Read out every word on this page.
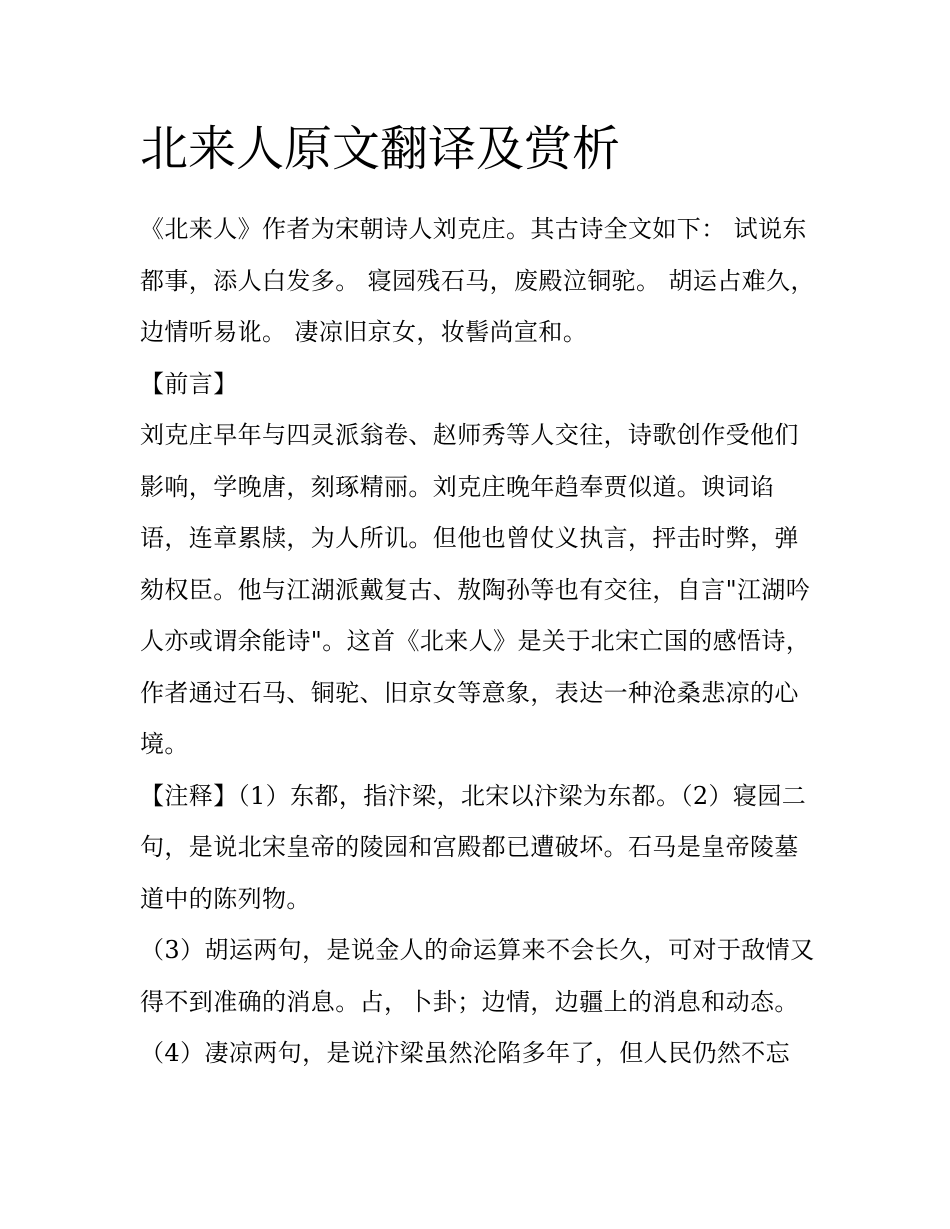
北来人原文翻译及赏析

《北来人》作者为宋朝诗人刘克庄。其古诗全文如下： 试说东都事，添人白发多。 寝园残石马，废殿泣铜驼。 胡运占难久，边情听易讹。 凄凉旧京女，妆髻尚宣和。

【前言】

刘克庄早年与四灵派翁卷、赵师秀等人交往，诗歌创作受他们影响，学晚唐，刻琢精丽。刘克庄晚年趋奉贾似道。谀词谄语，连章累牍，为人所讥。但他也曾仗义执言，抨击时弊，弹劾权臣。他与江湖派戴复古、敖陶孙等也有交往，自言"江湖吟人亦或谓余能诗"。这首《北来人》是关于北宋亡国的感悟诗，作者通过石马、铜驼、旧京女等意象，表达一种沧桑悲凉的心境。

【注释】（1）东都，指汴梁，北宋以汴梁为东都。（2）寝园二句，是说北宋皇帝的陵园和宫殿都已遭破坏。石马是皇帝陵墓道中的陈列物。

（3）胡运两句，是说金人的命运算来不会长久，可对于敌情又得不到准确的消息。占，卜卦；边情，边疆上的消息和动态。

（4）凄凉两句，是说汴梁虽然沦陷多年了，但人民仍然不忘
